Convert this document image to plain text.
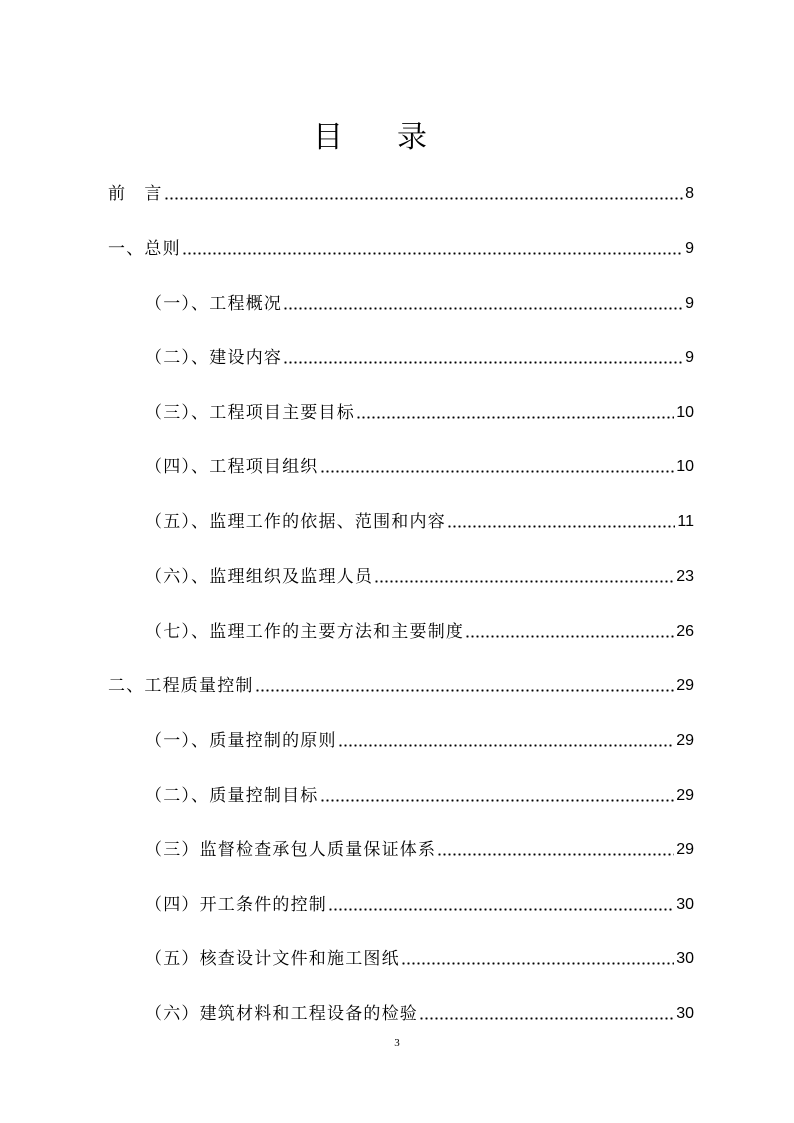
目录
前　言	8
一、总则	9
（一）、工程概况	9
（二）、建设内容	9
（三）、工程项目主要目标	10
（四）、工程项目组织	10
（五）、监理工作的依据、范围和内容	11
（六）、监理组织及监理人员	23
（七）、监理工作的主要方法和主要制度	26
二、工程质量控制	29
（一）、质量控制的原则	29
（二）、质量控制目标	29
（三）监督检查承包人质量保证体系	29
（四）开工条件的控制	30
（五）核查设计文件和施工图纸	30
（六）建筑材料和工程设备的检验	30
3
